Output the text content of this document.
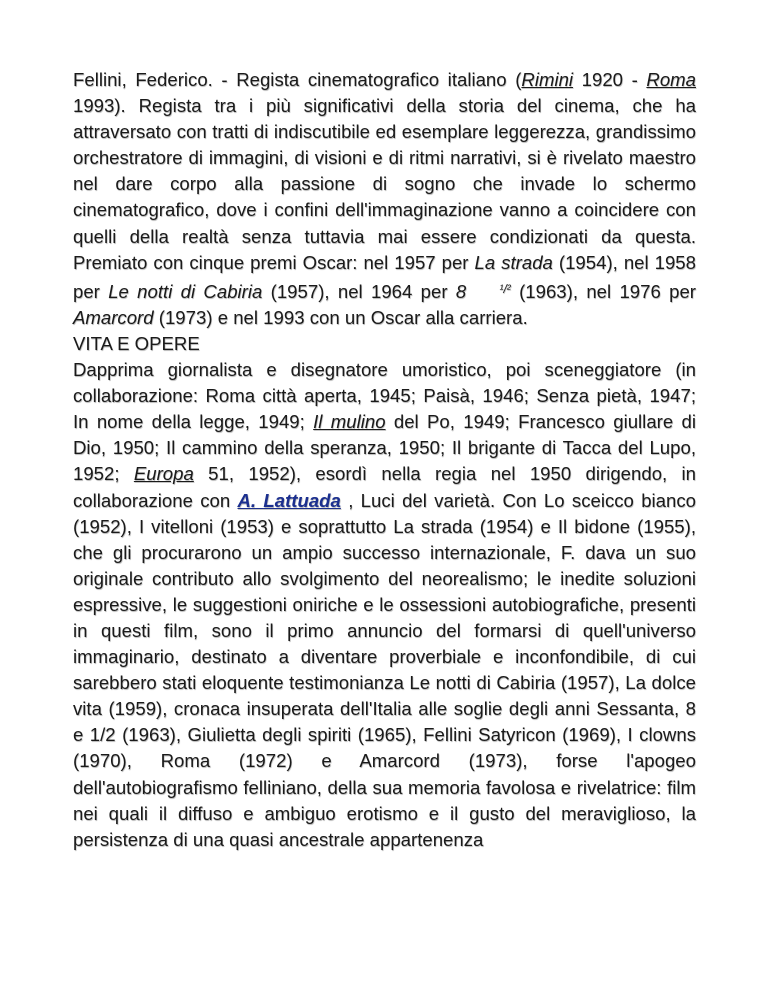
Fellini, Federico. - Regista cinematografico italiano (Rimini 1920 - Roma 1993). Regista tra i più significativi della storia del cinema, che ha attraversato con tratti di indiscutibile ed esemplare leggerezza, grandissimo orchestratore di immagini, di visioni e di ritmi narrativi, si è rivelato maestro nel dare corpo alla passione di sogno che invade lo schermo cinematografico, dove i confini dell'immaginazione vanno a coincidere con quelli della realtà senza tuttavia mai essere condizionati da questa. Premiato con cinque premi Oscar: nel 1957 per La strada (1954), nel 1958 per Le notti di Cabiria (1957), nel 1964 per 8	$^{^1/^2}$ (1963), nel 1976 per Amarcord (1973) e nel 1993 con un Oscar alla carriera.

VITA E OPERE

Dapprima giornalista e disegnatore umoristico, poi sceneggiatore (in collaborazione: Roma città aperta, 1945; Paisà, 1946; Senza pietà, 1947; In nome della legge, 1949; Il mulino del Po, 1949; Francesco giullare di Dio, 1950; Il cammino della speranza, 1950; Il brigante di Tacca del Lupo, 1952; Europa 51, 1952), esordì nella regia nel 1950 dirigendo, in collaborazione con A. Lattuada , Luci del varietà. Con Lo sceicco bianco (1952), I vitelloni (1953) e soprattutto La strada (1954) e Il bidone (1955), che gli procurarono un ampio successo internazionale, F. dava un suo originale contributo allo svolgimento del neorealismo; le inedite soluzioni espressive, le suggestioni oniriche e le ossessioni autobiografiche, presenti in questi film, sono il primo annuncio del formarsi di quell'universo immaginario, destinato a diventare proverbiale e inconfondibile, di cui sarebbero stati eloquente testimonianza Le notti di Cabiria (1957), La dolce vita (1959), cronaca insuperata dell'Italia alle soglie degli anni Sessanta, 8 e 1/2 (1963), Giulietta degli spiriti (1965), Fellini Satyricon (1969), I clowns (1970), Roma (1972) e Amarcord (1973), forse l'apogeo dell'autobiografismo felliniano, della sua memoria favolosa e rivelatrice: film nei quali il diffuso e ambiguo erotismo e il gusto del meraviglioso, la persistenza di una quasi ancestrale appartenenza
